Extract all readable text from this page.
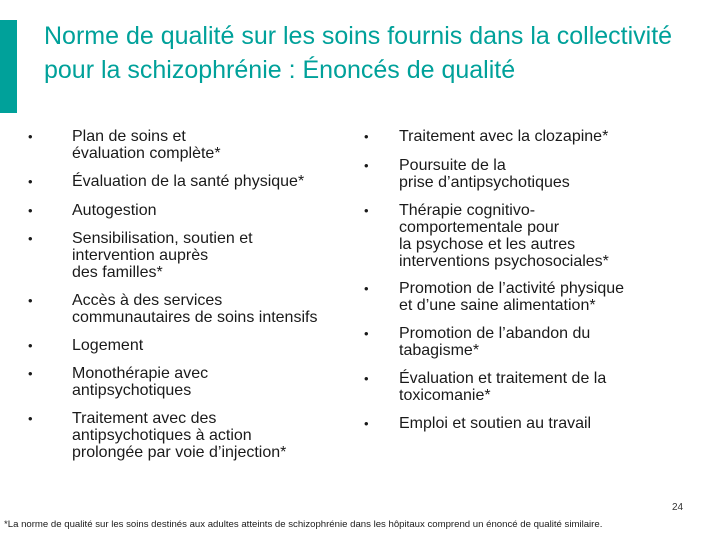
Norme de qualité sur les soins fournis dans la collectivité pour la schizophrénie : Énoncés de qualité
•	Plan de soins et
évaluation complète*
•	Évaluation de la santé physique*
•	Autogestion
•	Sensibilisation, soutien et
intervention auprès
des familles*
•	Accès à des services
communautaires de soins intensifs
•	Logement
•	Monothérapie avec
antipsychotiques
•	Traitement avec des
antipsychotiques à action
prolongée par voie d’injection*
•	Traitement avec la clozapine*
•	Poursuite de la
prise d’antipsychotiques
•	Thérapie cognitivo-
comportementale pour
la psychose et les autres
interventions psychosociales*
•	Promotion de l’activité physique
et d’une saine alimentation*
•	Promotion de l’abandon du
tabagisme*
•	Évaluation et traitement de la
toxicomanie*
•	Emploi et soutien au travail
24
*La norme de qualité sur les soins destinés aux adultes atteints de schizophrénie dans les hôpitaux comprend un énoncé de qualité similaire.
